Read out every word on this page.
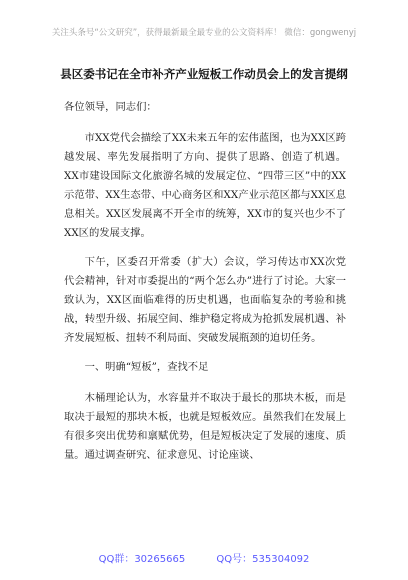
关注头条号“公文研究”，获得最新最全最专业的公文资料库！ 微信：gongwenyj
县区委书记在全市补齐产业短板工作动员会上的发言提纲

各位领导，同志们：

市XX党代会描绘了XX未来五年的宏伟蓝图，也为XX区跨越发展、率先发展指明了方向、提供了思路、创造了机遇。XX市建设国际文化旅游名城的发展定位、“四带三区”中的XX示范带、XX生态带、中心商务区和XX产业示范区都与XX区息息相关。XX区发展离不开全市的统筹，XX市的复兴也少不了XX区的发展支撑。

下午，区委召开常委（扩大）会议，学习传达市XX次党代会精神，针对市委提出的“两个怎么办”进行了讨论。大家一致认为，XX区面临难得的历史机遇，也面临复杂的考验和挑战，转型升级、拓展空间、维护稳定将成为抢抓发展机遇、补齐发展短板、扭转不利局面、突破发展瓶颈的迫切任务。

一、明确“短板”，查找不足

木桶理论认为，水容量并不取决于最长的那块木板，而是取决于最短的那块木板，也就是短板效应。虽然我们在发展上有很多突出优势和禀赋优势，但是短板决定了发展的速度、质量。通过调查研究、征求意见、讨论座谈、

QQ群：30265665	QQ号：535304092
